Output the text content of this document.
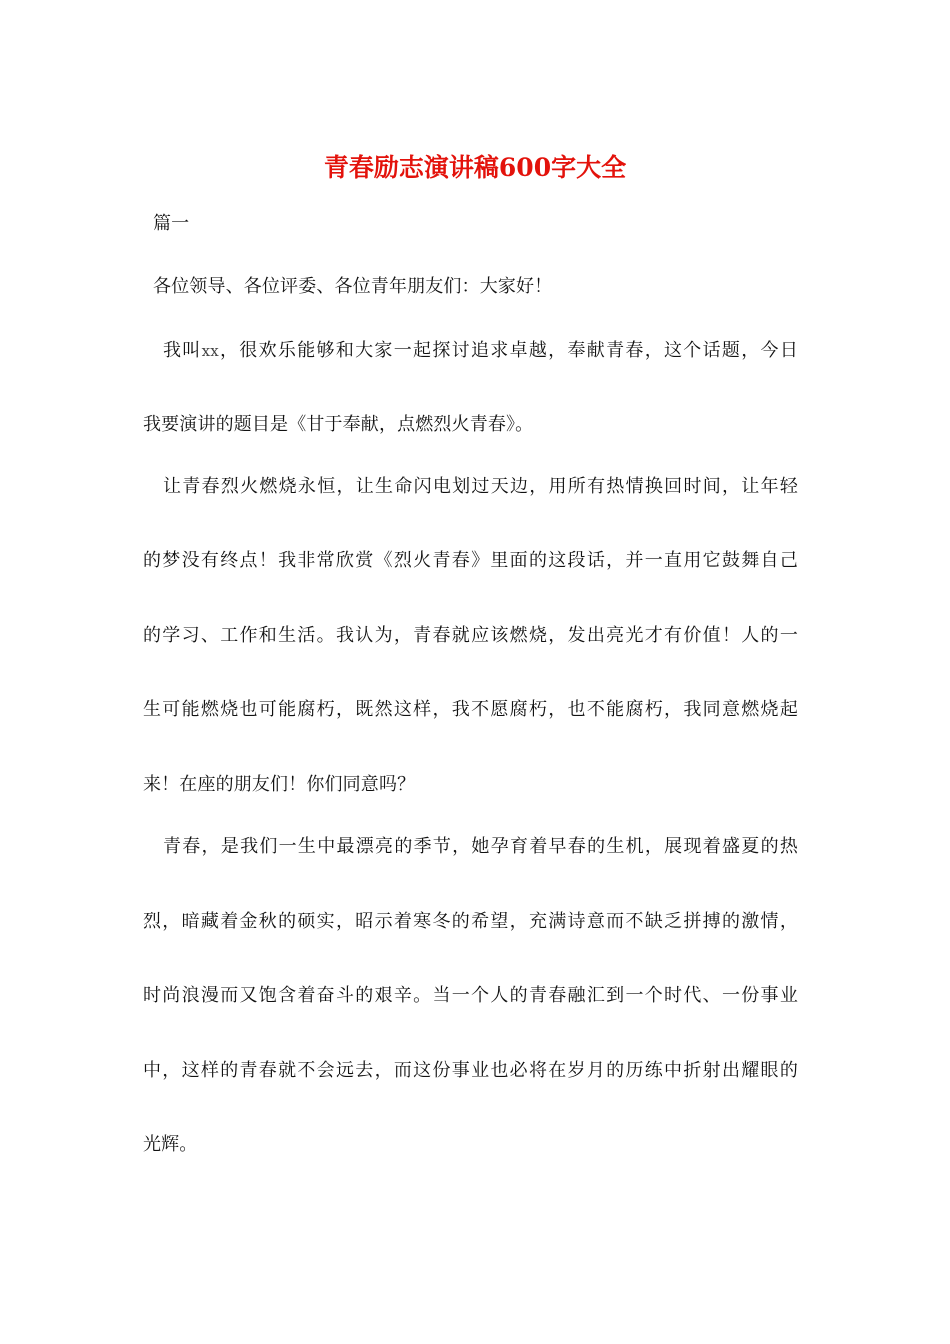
青春励志演讲稿600字大全
篇一
各位领导、各位评委、各位青年朋友们：大家好！
我叫xx，很欢乐能够和大家一起探讨追求卓越，奉献青春，这个话题，今日
我要演讲的题目是《甘于奉献，点燃烈火青春》。
让青春烈火燃烧永恒，让生命闪电划过天边，用所有热情换回时间，让年轻
的梦没有终点！我非常欣赏《烈火青春》里面的这段话，并一直用它鼓舞自己
的学习、工作和生活。我认为，青春就应该燃烧，发出亮光才有价值！人的一
生可能燃烧也可能腐朽，既然这样，我不愿腐朽，也不能腐朽，我同意燃烧起
来！在座的朋友们！你们同意吗？
青春，是我们一生中最漂亮的季节，她孕育着早春的生机，展现着盛夏的热
烈，暗藏着金秋的硕实，昭示着寒冬的希望，充满诗意而不缺乏拼搏的激情，
时尚浪漫而又饱含着奋斗的艰辛。当一个人的青春融汇到一个时代、一份事业
中，这样的青春就不会远去，而这份事业也必将在岁月的历练中折射出耀眼的
光辉。
